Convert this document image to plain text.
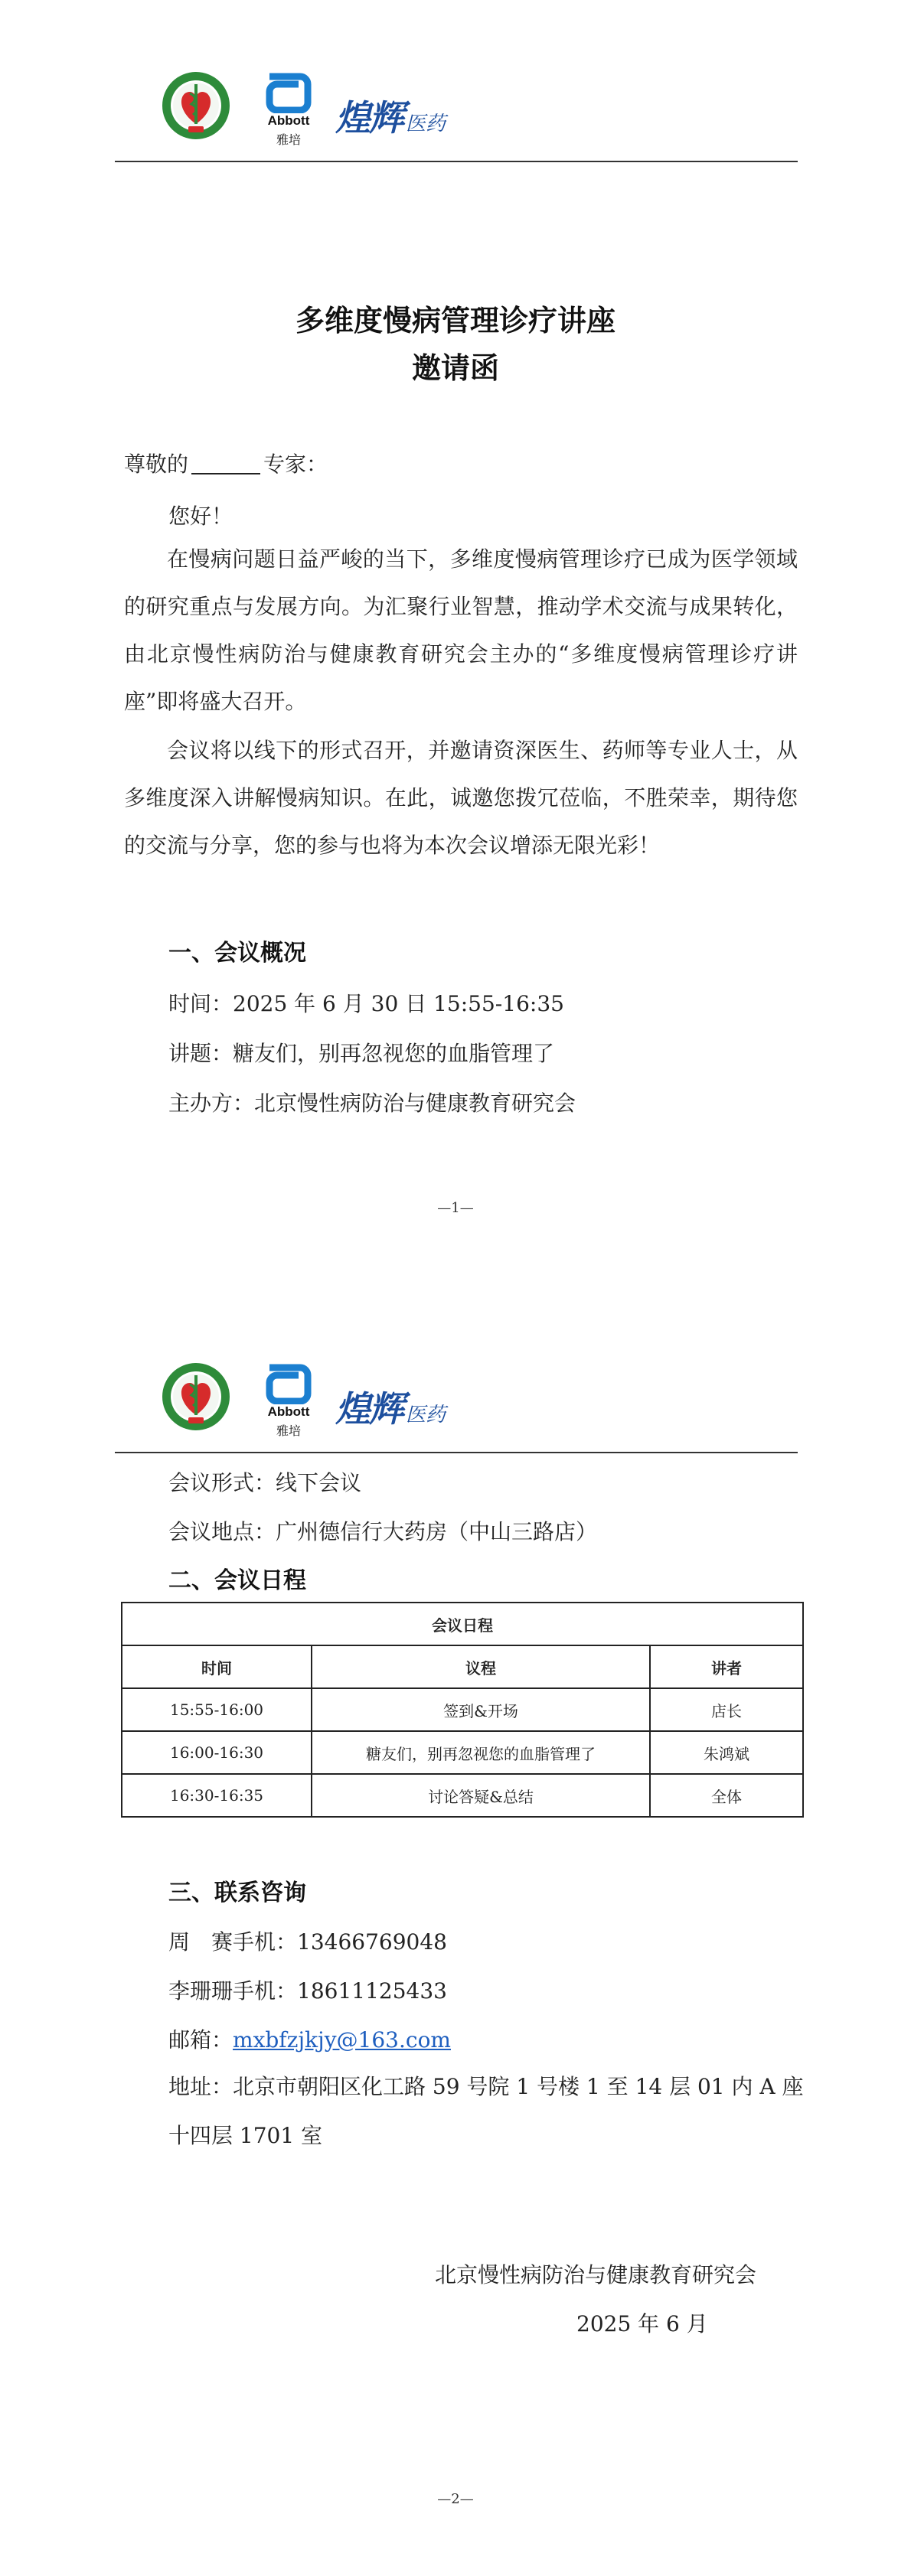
Abbott
雅培
煌辉 医药
多维度慢病管理诊疗讲座
邀请函
尊敬的	专家：
您好！
在慢病问题日益严峻的当下，多维度慢病管理诊疗已成为医学领域的研究重点与发展方向。为汇聚行业智慧，推动学术交流与成果转化，由北京慢性病防治与健康教育研究会主办的“多维度慢病管理诊疗讲座”即将盛大召开。
会议将以线下的形式召开，并邀请资深医生、药师等专业人士，从多维度深入讲解慢病知识。在此，诚邀您拨冗莅临，不胜荣幸，期待您的交流与分享，您的参与也将为本次会议增添无限光彩！
一、会议概况
时间：2025 年 6 月 30 日 15:55-16:35
讲题：糖友们，别再忽视您的血脂管理了
主办方：北京慢性病防治与健康教育研究会
—1—
Abbott
雅培
煌辉 医药
会议形式：线下会议
会议地点：广州德信行大药房（中山三路店）
二、会议日程
三、联系咨询
周　赛手机：13466769048
李珊珊手机：18611125433
邮箱：mxbfzjkjy@163.com
地址：北京市朝阳区化工路 59 号院 1 号楼 1 至 14 层 01 内 A 座十四层 1701 室
北京慢性病防治与健康教育研究会
2025 年 6 月
—2—
会议日程		
时间	议程	讲者
15:55-16:00	签到&开场	店长
16:00-16:30	糖友们，别再忽视您的血脂管理了	朱鸿斌
16:30-16:35	讨论答疑&总结	全体
